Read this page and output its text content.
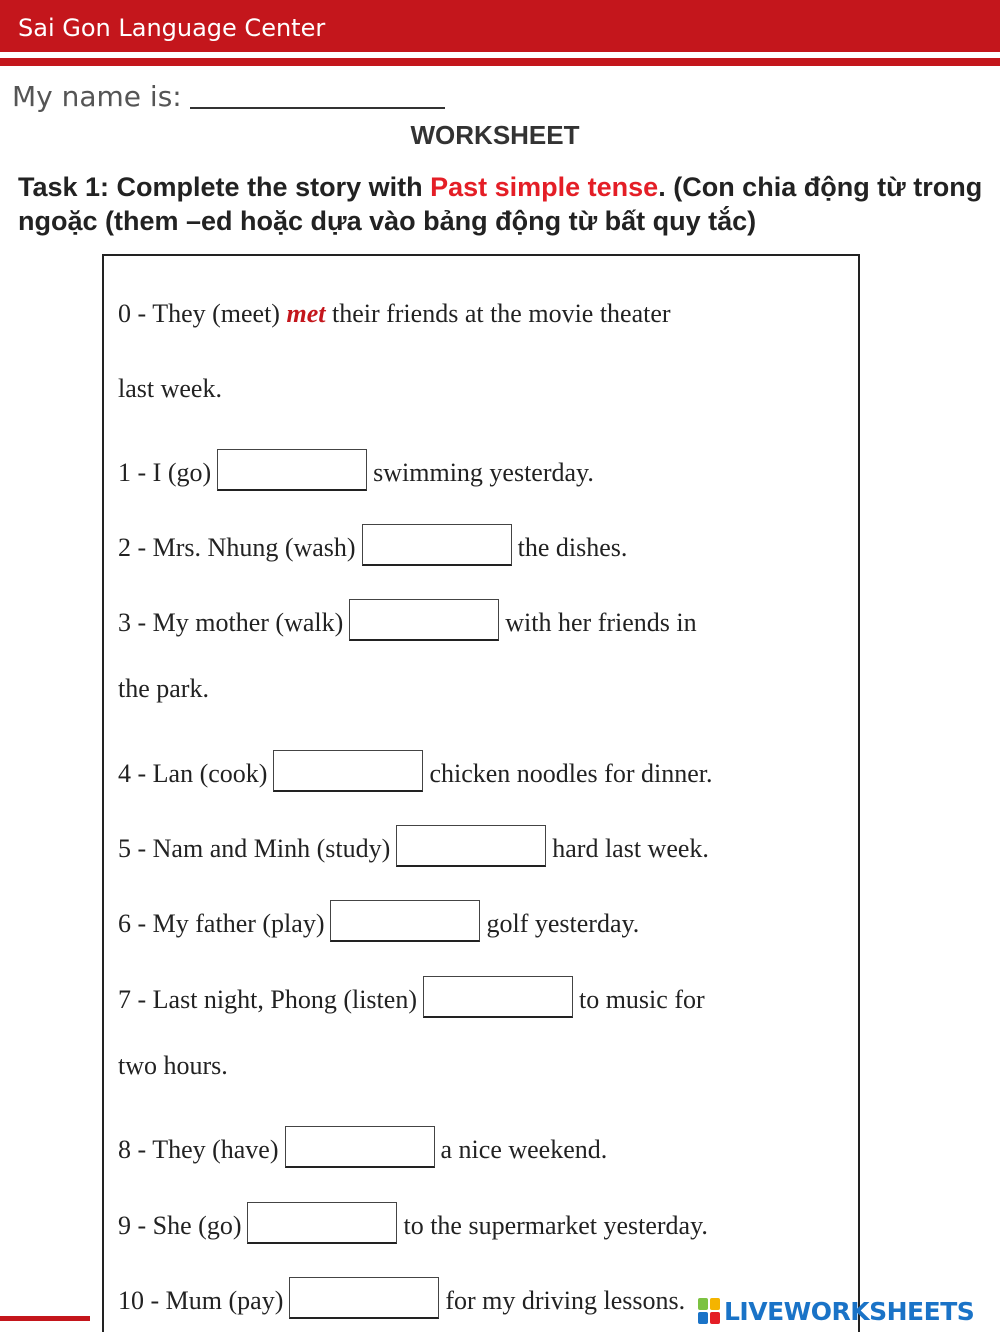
Sai Gon Language Center
My name is:
WORKSHEET
Task 1: Complete the story with Past simple tense. (Con chia động từ trong ngoặc (them –ed hoặc dựa vào bảng động từ bất quy tắc)
0 - They (meet) met their friends at the movie theater
last week.
1 - I (go)	swimming yesterday.
2 - Mrs. Nhung (wash)	the dishes.
3 - My mother (walk)	with her friends in
the park.
4 - Lan (cook)	chicken noodles for dinner.
5 - Nam and Minh (study)	hard last week.
6 - My father (play)	golf yesterday.
7 - Last night, Phong (listen)	to music for
two hours.
8 - They (have)	a nice weekend.
9 - She (go)	to the supermarket yesterday.
10 - Mum (pay)	for my driving lessons. LIVEWORKSHEETS
